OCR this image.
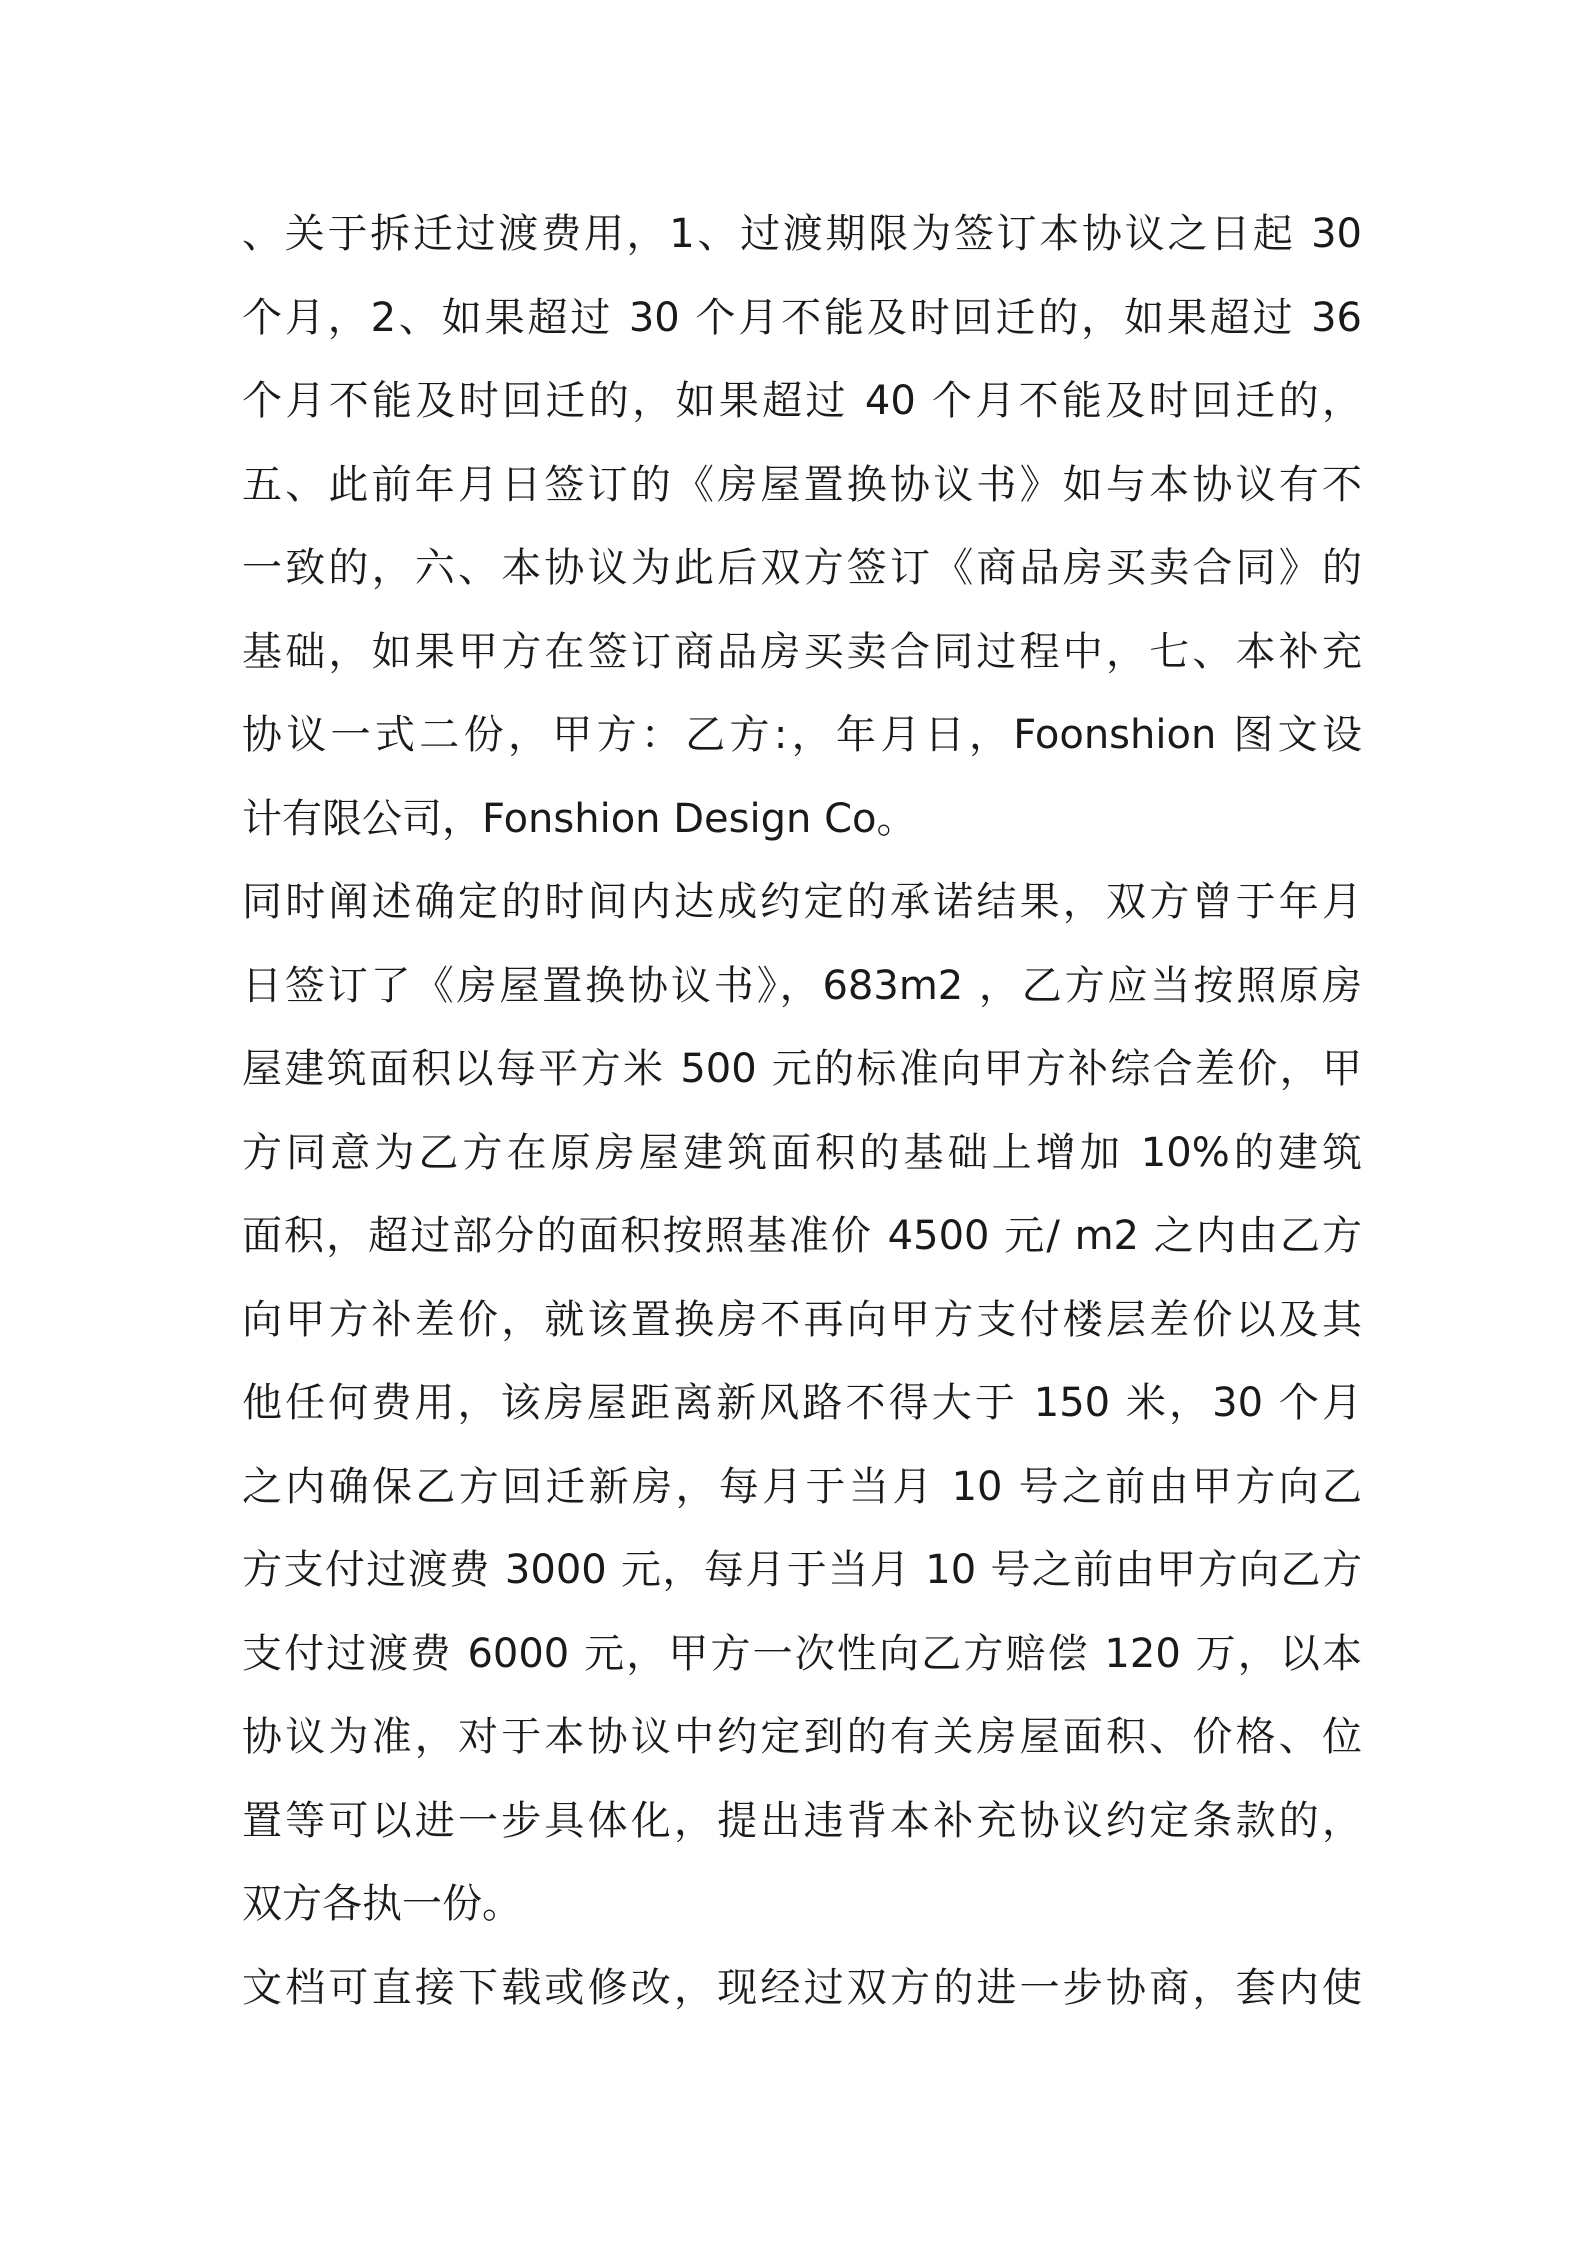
、关于拆迁过渡费用，1、过渡期限为签订本协议之日起 30
个月，2、如果超过 30 个月不能及时回迁的，如果超过 36
个月不能及时回迁的，如果超过 40 个月不能及时回迁的，
五、此前年月日签订的《房屋置换协议书》如与本协议有不
一致的，六、本协议为此后双方签订《商品房买卖合同》的
基础，如果甲方在签订商品房买卖合同过程中，七、本补充
协议一式二份，甲方：乙方:，年月日，Foonshion 图文设
计有限公司，Fonshion Design Co。
同时阐述确定的时间内达成约定的承诺结果，双方曾于年月
日签订了《房屋置换协议书》，683m2 ，乙方应当按照原房
屋建筑面积以每平方米 500 元的标准向甲方补综合差价，甲
方同意为乙方在原房屋建筑面积的基础上增加 10%的建筑
面积，超过部分的面积按照基准价 4500 元/ m2 之内由乙方
向甲方补差价，就该置换房不再向甲方支付楼层差价以及其
他任何费用，该房屋距离新风路不得大于 150 米，30 个月
之内确保乙方回迁新房，每月于当月 10 号之前由甲方向乙
方支付过渡费 3000 元，每月于当月 10 号之前由甲方向乙方
支付过渡费 6000 元，甲方一次性向乙方赔偿 120 万，以本
协议为准，对于本协议中约定到的有关房屋面积、价格、位
置等可以进一步具体化，提出违背本补充协议约定条款的，
双方各执一份。
文档可直接下载或修改，现经过双方的进一步协商，套内使
